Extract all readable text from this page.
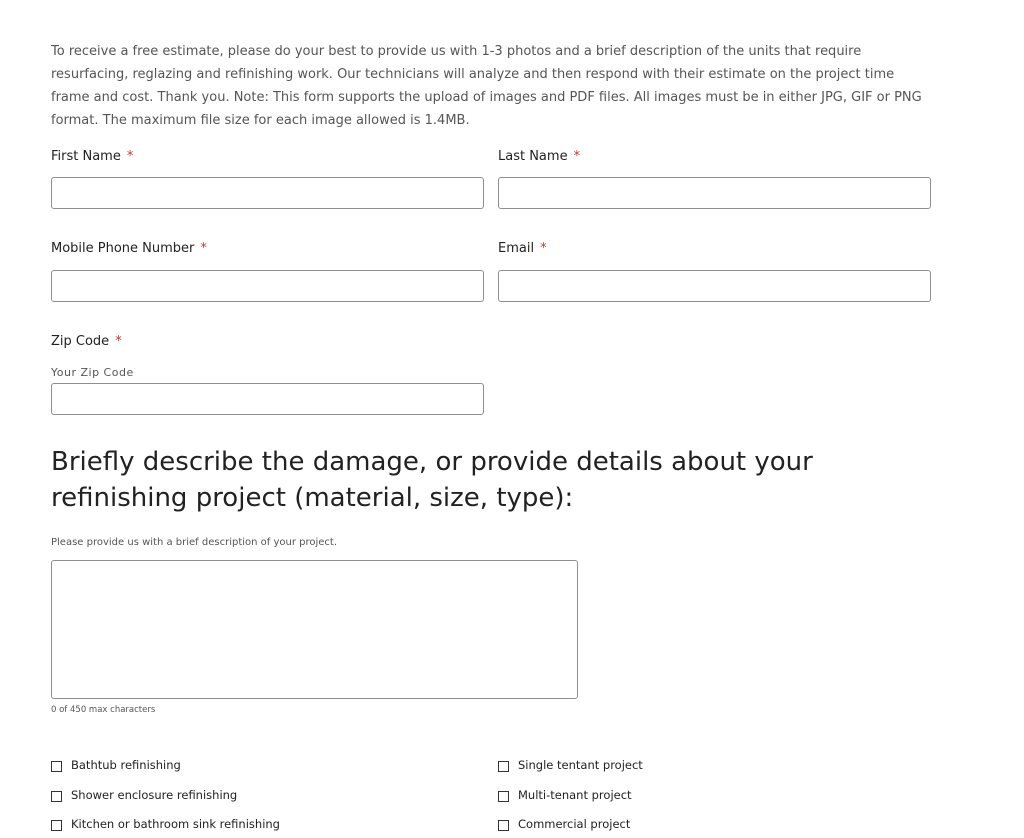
To receive a free estimate, please do your best to provide us with 1-3 photos and a brief description of the units that require resurfacing, reglazing and refinishing work. Our technicians will analyze and then respond with their estimate on the project time frame and cost. Thank you. Note: This form supports the upload of images and PDF files. All images must be in either JPG, GIF or PNG format. The maximum file size for each image allowed is 1.4MB.

First Name *	Last Name *
Mobile Phone Number *	Email *
Zip Code *
Your Zip Code
Briefly describe the damage, or provide details about your refinishing project (material, size, type):
Please provide us with a brief description of your project.
0 of 450 max characters
Bathtub refinishing
Shower enclosure refinishing
Kitchen or bathroom sink refinishing
Single tentant project
Multi-tenant project
Commercial project
